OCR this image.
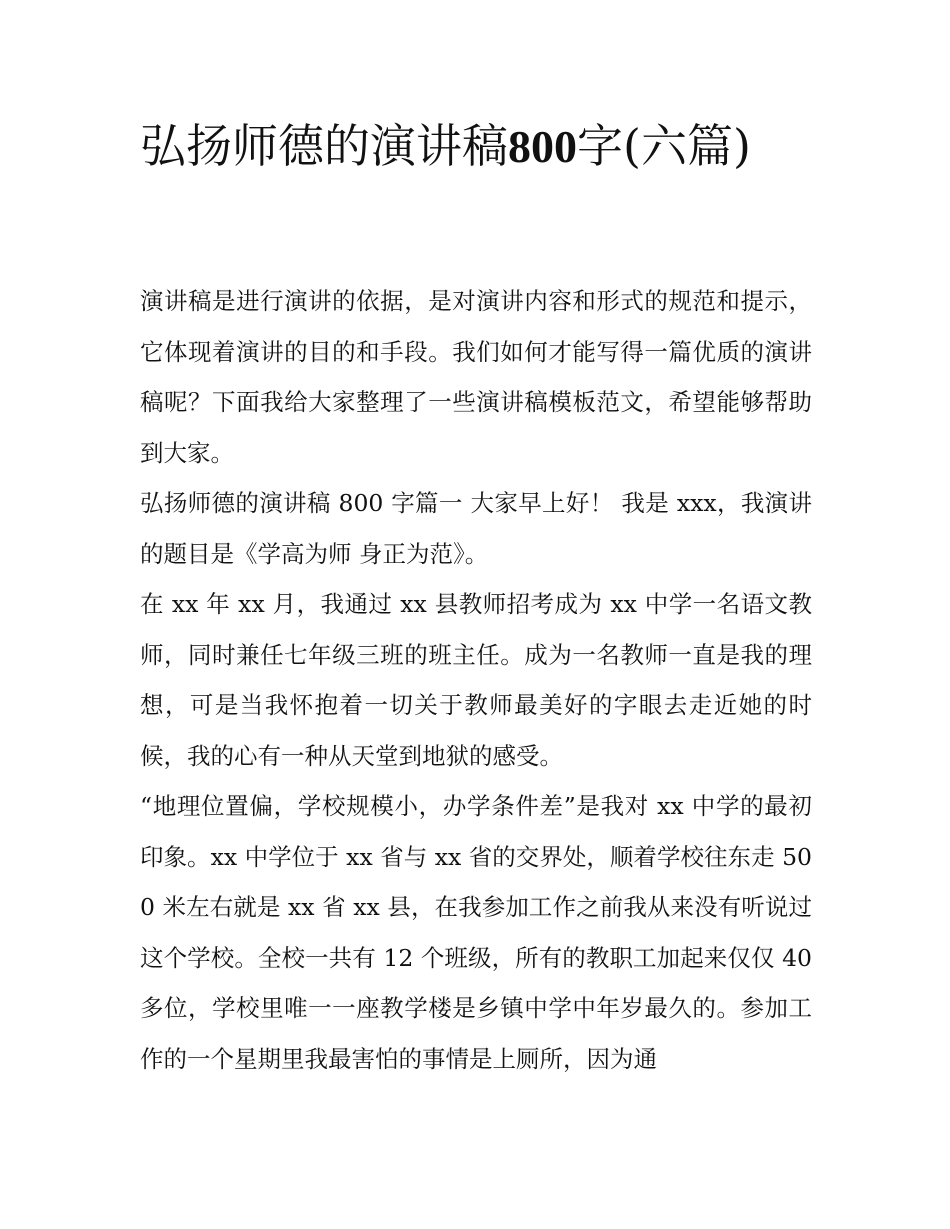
弘扬师德的演讲稿800字(六篇)

演讲稿是进行演讲的依据，是对演讲内容和形式的规范和提示，它体现着演讲的目的和手段。我们如何才能写得一篇优质的演讲稿呢？下面我给大家整理了一些演讲稿模板范文，希望能够帮助到大家。

弘扬师德的演讲稿 800 字篇一 大家早上好！ 我是 xxx，我演讲的题目是《学高为师 身正为范》。

在 xx 年 xx 月，我通过 xx 县教师招考成为 xx 中学一名语文教师，同时兼任七年级三班的班主任。成为一名教师一直是我的理想，可是当我怀抱着一切关于教师最美好的字眼去走近她的时候，我的心有一种从天堂到地狱的感受。

“地理位置偏，学校规模小，办学条件差”是我对 xx 中学的最初印象。xx 中学位于 xx 省与 xx 省的交界处，顺着学校往东走 500 米左右就是 xx 省 xx 县，在我参加工作之前我从来没有听说过这个学校。全校一共有 12 个班级，所有的教职工加起来仅仅 40 多位，学校里唯一一座教学楼是乡镇中学中年岁最久的。参加工作的一个星期里我最害怕的事情是上厕所，因为通
